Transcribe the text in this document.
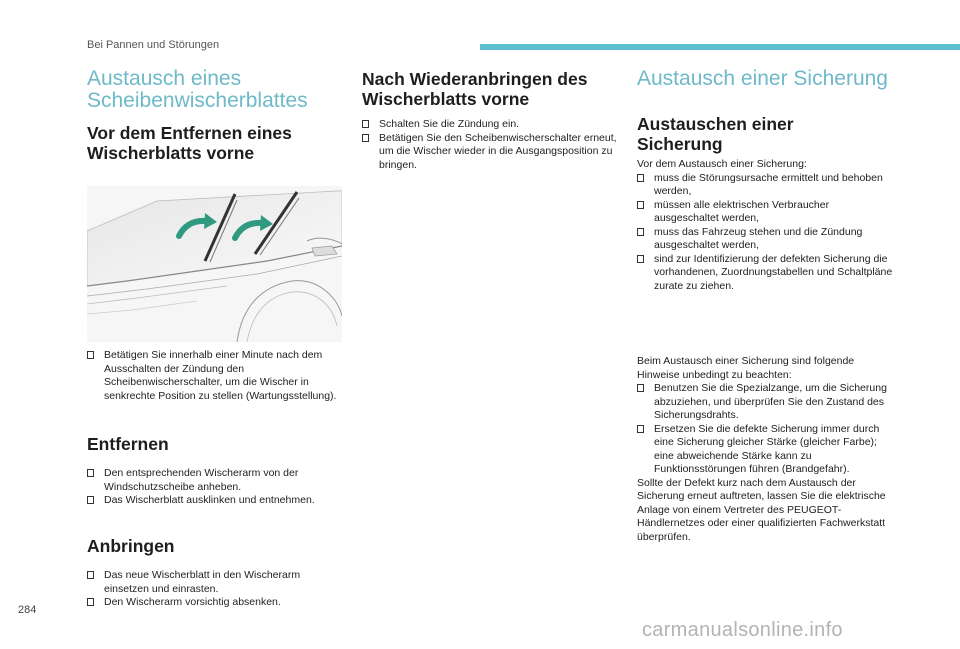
Bei Pannen und Störungen
Austausch eines Scheibenwischerblattes
Vor dem Entfernen eines Wischerblatts vorne
Betätigen Sie innerhalb einer Minute nach dem Ausschalten der Zündung den Scheibenwischerschalter, um die Wischer in senkrechte Position zu stellen (Wartungsstellung).
Entfernen
Den entsprechenden Wischerarm von der Windschutzscheibe anheben.
Das Wischerblatt ausklinken und entnehmen.
Anbringen
Das neue Wischerblatt in den Wischerarm einsetzen und einrasten.
Den Wischerarm vorsichtig absenken.
Nach Wiederanbringen des Wischerblatts vorne
Schalten Sie die Zündung ein.
Betätigen Sie den Scheibenwischerschalter erneut, um die Wischer wieder in die Ausgangsposition zu bringen.
Austausch einer Sicherung
Austauschen einer Sicherung
Vor dem Austausch einer Sicherung:
muss die Störungsursache ermittelt und behoben werden,
müssen alle elektrischen Verbraucher ausgeschaltet werden,
muss das Fahrzeug stehen und die Zündung ausgeschaltet werden,
sind zur Identifizierung der defekten Sicherung die vorhandenen, Zuordnungstabellen und Schaltpläne zurate zu ziehen.
Beim Austausch einer Sicherung sind folgende Hinweise unbedingt zu beachten:
Benutzen Sie die Spezialzange, um die Sicherung abzuziehen, und überprüfen Sie den Zustand des Sicherungsdrahts.
Ersetzen Sie die defekte Sicherung immer durch eine Sicherung gleicher Stärke (gleicher Farbe); eine abweichende Stärke kann zu Funktionsstörungen führen (Brandgefahr).
Sollte der Defekt kurz nach dem Austausch der Sicherung erneut auftreten, lassen Sie die elektrische Anlage von einem Vertreter des PEUGEOT-Händlernetzes oder einer qualifizierten Fachwerkstatt überprüfen.
284
carmanualsonline.info
